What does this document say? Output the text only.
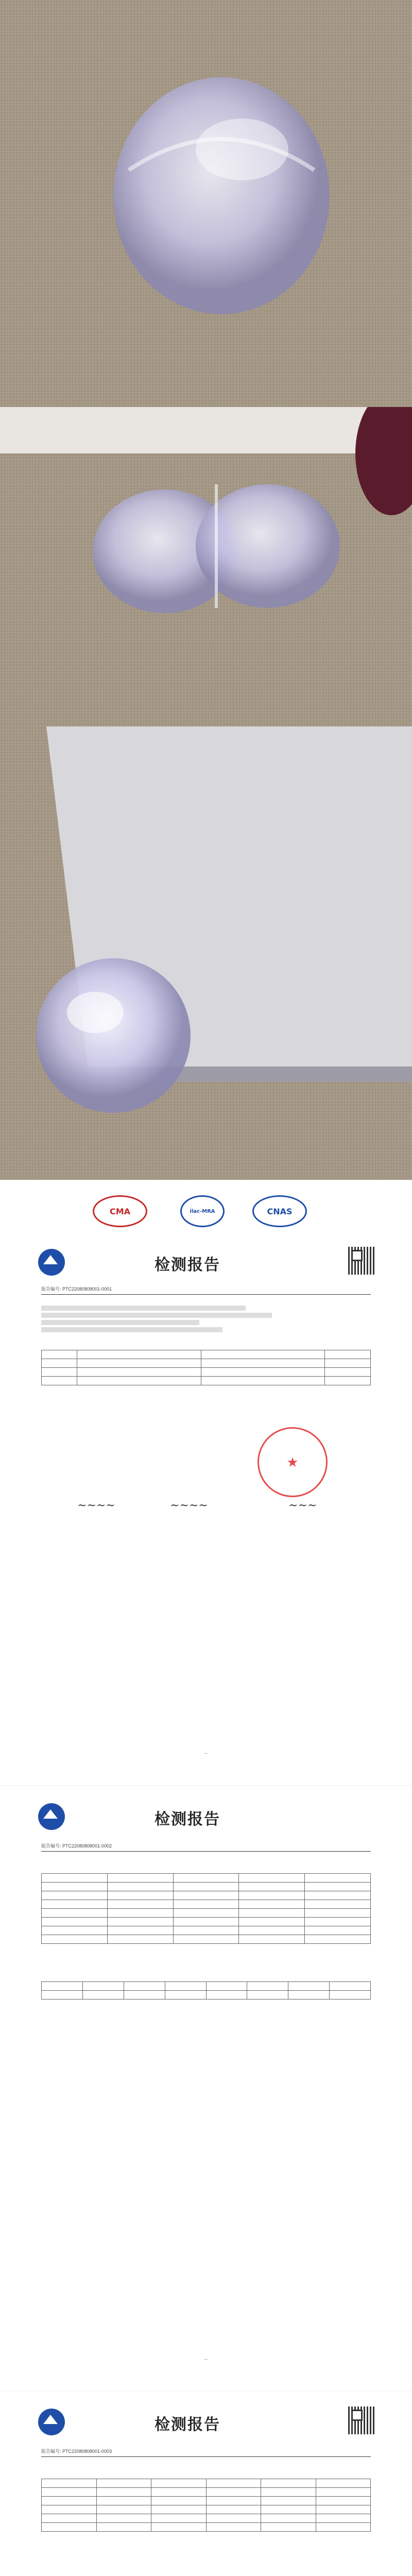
CMA	ilac-MRA	CNAS
检测报告
报告编号: PTC22080808001-0001

★
~~~~	~~~~	~~~
—
检测报告
报告编号: PTC22080808001-0002

—
检测报告
报告编号: PTC22080808001-0003
